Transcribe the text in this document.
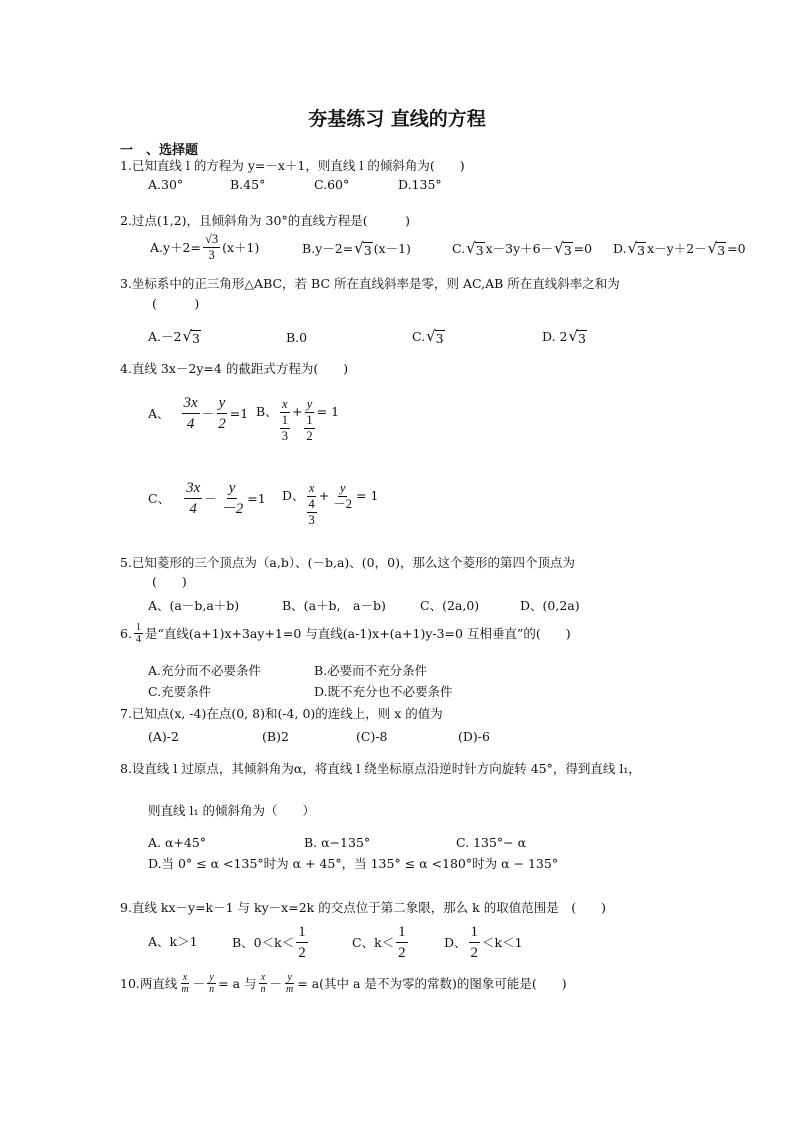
夯基练习 直线的方程
一　、选择题
1.已知直线 l 的方程为 y=－x＋1，则直线 l 的倾斜角为(　　)
A.30°	B.45°	C.60°	D.135°
2.过点(1,2)，且倾斜角为 30°的直线方程是(　　　)
$A.y+2= \frac{√3}{3} (x+1)$	B.y－2= √ 3 (x－1)	C. √ 3 x－3y＋6－ √ 3 =0 D. √ 3 x－y＋2－ √ 3 =0
3.坐标系中的正三角形△ABC，若 BC 所在直线斜率是零，则 AC,AB 所在直线斜率之和为
(　　　)
A.－2 √ 3	B.0	C. √ 3	D. 2 √ 3
4.直线 3x－2y=4 的截距式方程为(　　)
A、 $\frac{3x}{4} - \frac{y}{2} =1$ B、 x
1
3
+ y
1
2
= 1
C、 $\frac{3x}{4} - \frac{y}{-2} =1$ D、 x
4
3
+ $\frac{y}{-2} = 1$
5.已知菱形的三个顶点为（a,b）、(－b,a)、(0，0)，那么这个菱形的第四个顶点为
(　　)
A、(a－b,a＋b)	B、(a＋b,　a－b)	C、(2a,0)	D、(0,2a)
6. $\frac{1}{4}$ 是“直线(a+1)x+3ay+1=0 与直线(a-1)x+(a+1)y-3=0 互相垂直”的(　　)
A.充分而不必要条件	B.必要而不充分条件
C.充要条件	D.既不充分也不必要条件
7.已知点(x, -4)在点(0, 8)和(-4, 0)的连线上，则 x 的值为
(A)-2	(B)2	(C)-8	(D)-6
8.设直线 l 过原点，其倾斜角为α，将直线 l 绕坐标原点沿逆时针方向旋转 45°，得到直线 l₁，
则直线 l₁ 的倾斜角为（　　）
A. α+45°	B. α−135°	C. 135°− α
D.当 0° ≤ α <135°时为 α + 45°，当 135° ≤ α <180°时为 α − 135°
9.直线 kx－y=k－1 与 ky－x=2k 的交点位于第二象限，那么 k 的取值范围是　(　　)
A、k＞1	B、$0<k< \frac{1}{2}$	C、$k< \frac{1}{2}$	D、 $\frac{1}{2} <k<1$
10.两直线 $\frac{x}{m} - \frac{y}{n} = a$ 与 $\frac{x}{n} - \frac{y}{m} = a$ (其中 a 是不为零的常数)的图象可能是(　　)
